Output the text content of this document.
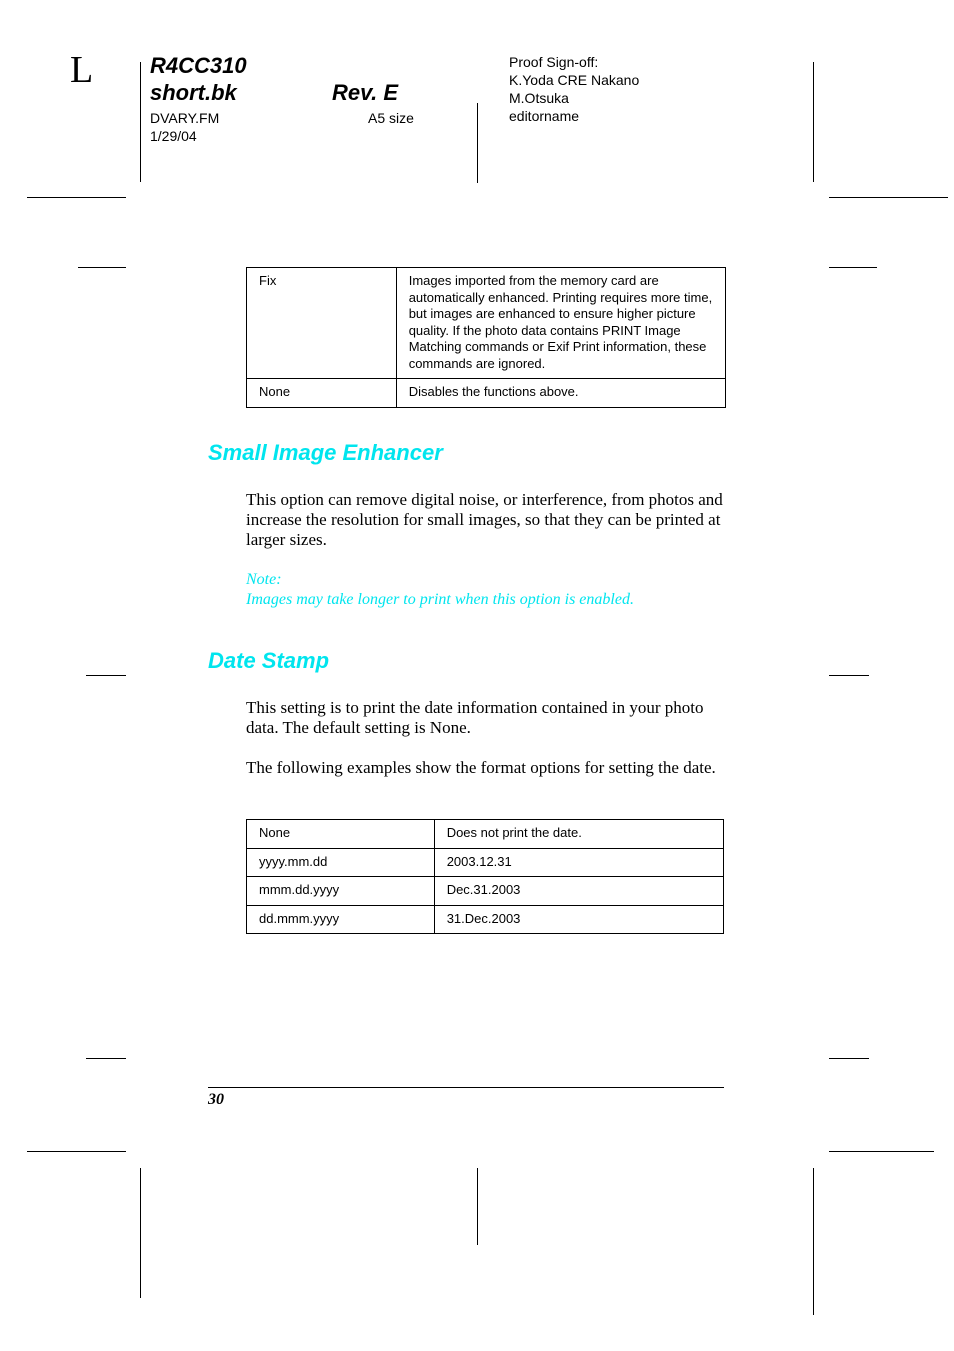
L	R4CC310
short.bk	Rev. E
DVARY.FM
1/29/04
A5 size
Proof Sign-off:
K.Yoda CRE Nakano
M.Otsuka
editorname
Fix	Images imported from the memory card are automatically enhanced. Printing requires more time, but images are enhanced to ensure higher picture quality. If the photo data contains PRINT Image Matching commands or Exif Print information, these commands are ignored.
None	Disables the functions above.
Small Image Enhancer
This option can remove digital noise, or interference, from photos and increase the resolution for small images, so that they can be printed at larger sizes.
Note:
Images may take longer to print when this option is enabled.
Date Stamp
This setting is to print the date information contained in your photo data. The default setting is None.
The following examples show the format options for setting the date.
None	Does not print the date.
yyyy.mm.dd	2003.12.31
mmm.dd.yyyy	Dec.31.2003
dd.mmm.yyyy	31.Dec.2003
30
